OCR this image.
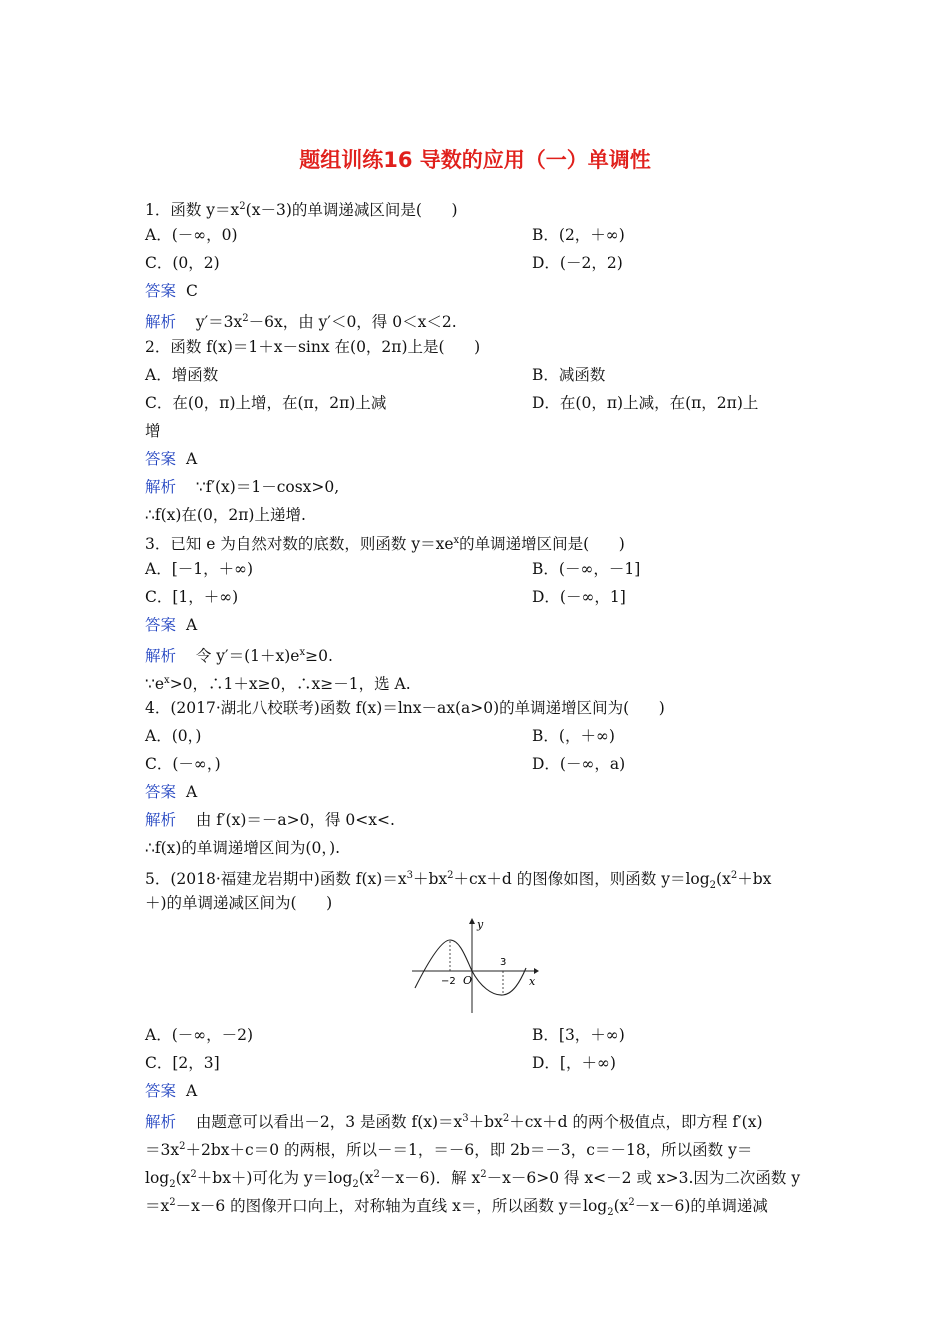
题组训练16 导数的应用（一）单调性
1．函数 $y=x^2(x-3)$的单调递减区间是(      )
A．(－∞，0)	B．(2，＋∞)
C．(0，2)	D．(－2，2)
答案 C
解析 $y'=3x^2-6x$，由 y′＜0，得 0＜x＜2.
2．函数 f(x)＝1＋x－sinx 在(0，2π)上是(      )
A．增函数	B．减函数
C．在(0，π)上增，在(π，2π)上减	D．在(0，π)上减，在(π，2π)上
增
答案 A
解析 ∵f′(x)＝1－cosx>0,
∴f(x)在(0，2π)上递增.
3．已知 e 为自然对数的底数，则函数 $y=xe^x$的单调递增区间是(      )
A．[－1，＋∞)	B．(－∞，－1]
C．[1，＋∞)	D．(－∞，1]
答案 A
解析 令 $y'=(1+x)e^x\ge 0$.
$\because e^x>0$，∴1＋x≥0，∴x≥－1，选 A.
4．(2017·湖北八校联考)函数 f(x)＝lnx－ax(a>0)的单调递增区间为(      )
A．(0，)	B．(，＋∞)
C．(－∞，)	D．(－∞，a)
答案 A
解析 由 f′(x)＝－a>0，得 0<x<.
∴f(x)的单调递增区间为(0，).
5．(2018·福建龙岩期中)函数 $f(x)=x^3+bx^2+cx+d$ 的图像如图，则函数 $y=\log_2(x^2+bx$
＋)的单调递减区间为(      )
y
x
O
−2
3
A．(－∞，－2)	B．[3，＋∞)
C．[2，3]	D．[，＋∞)
答案 A
解析 由题意可以看出－2，3 是函数 $f(x)=x^3+bx^2+cx+d$ 的两个极值点，即方程 f′(x)
$=3x^2+2bx+c=0$ 的两根，所以－＝1，＝－6，即 2b＝－3，c＝－18，所以函数 y＝
$\log_2(x^2+bx+)$可化为 $y=\log_2(x^2-x-6)$．解 $x^2-x-6>0$ 得 x<－2 或 x>3.因为二次函数 y
$=x^2-x-6$ 的图像开口向上，对称轴为直线 x＝，所以函数 $y=\log_2(x^2-x-6)$的单调递减
